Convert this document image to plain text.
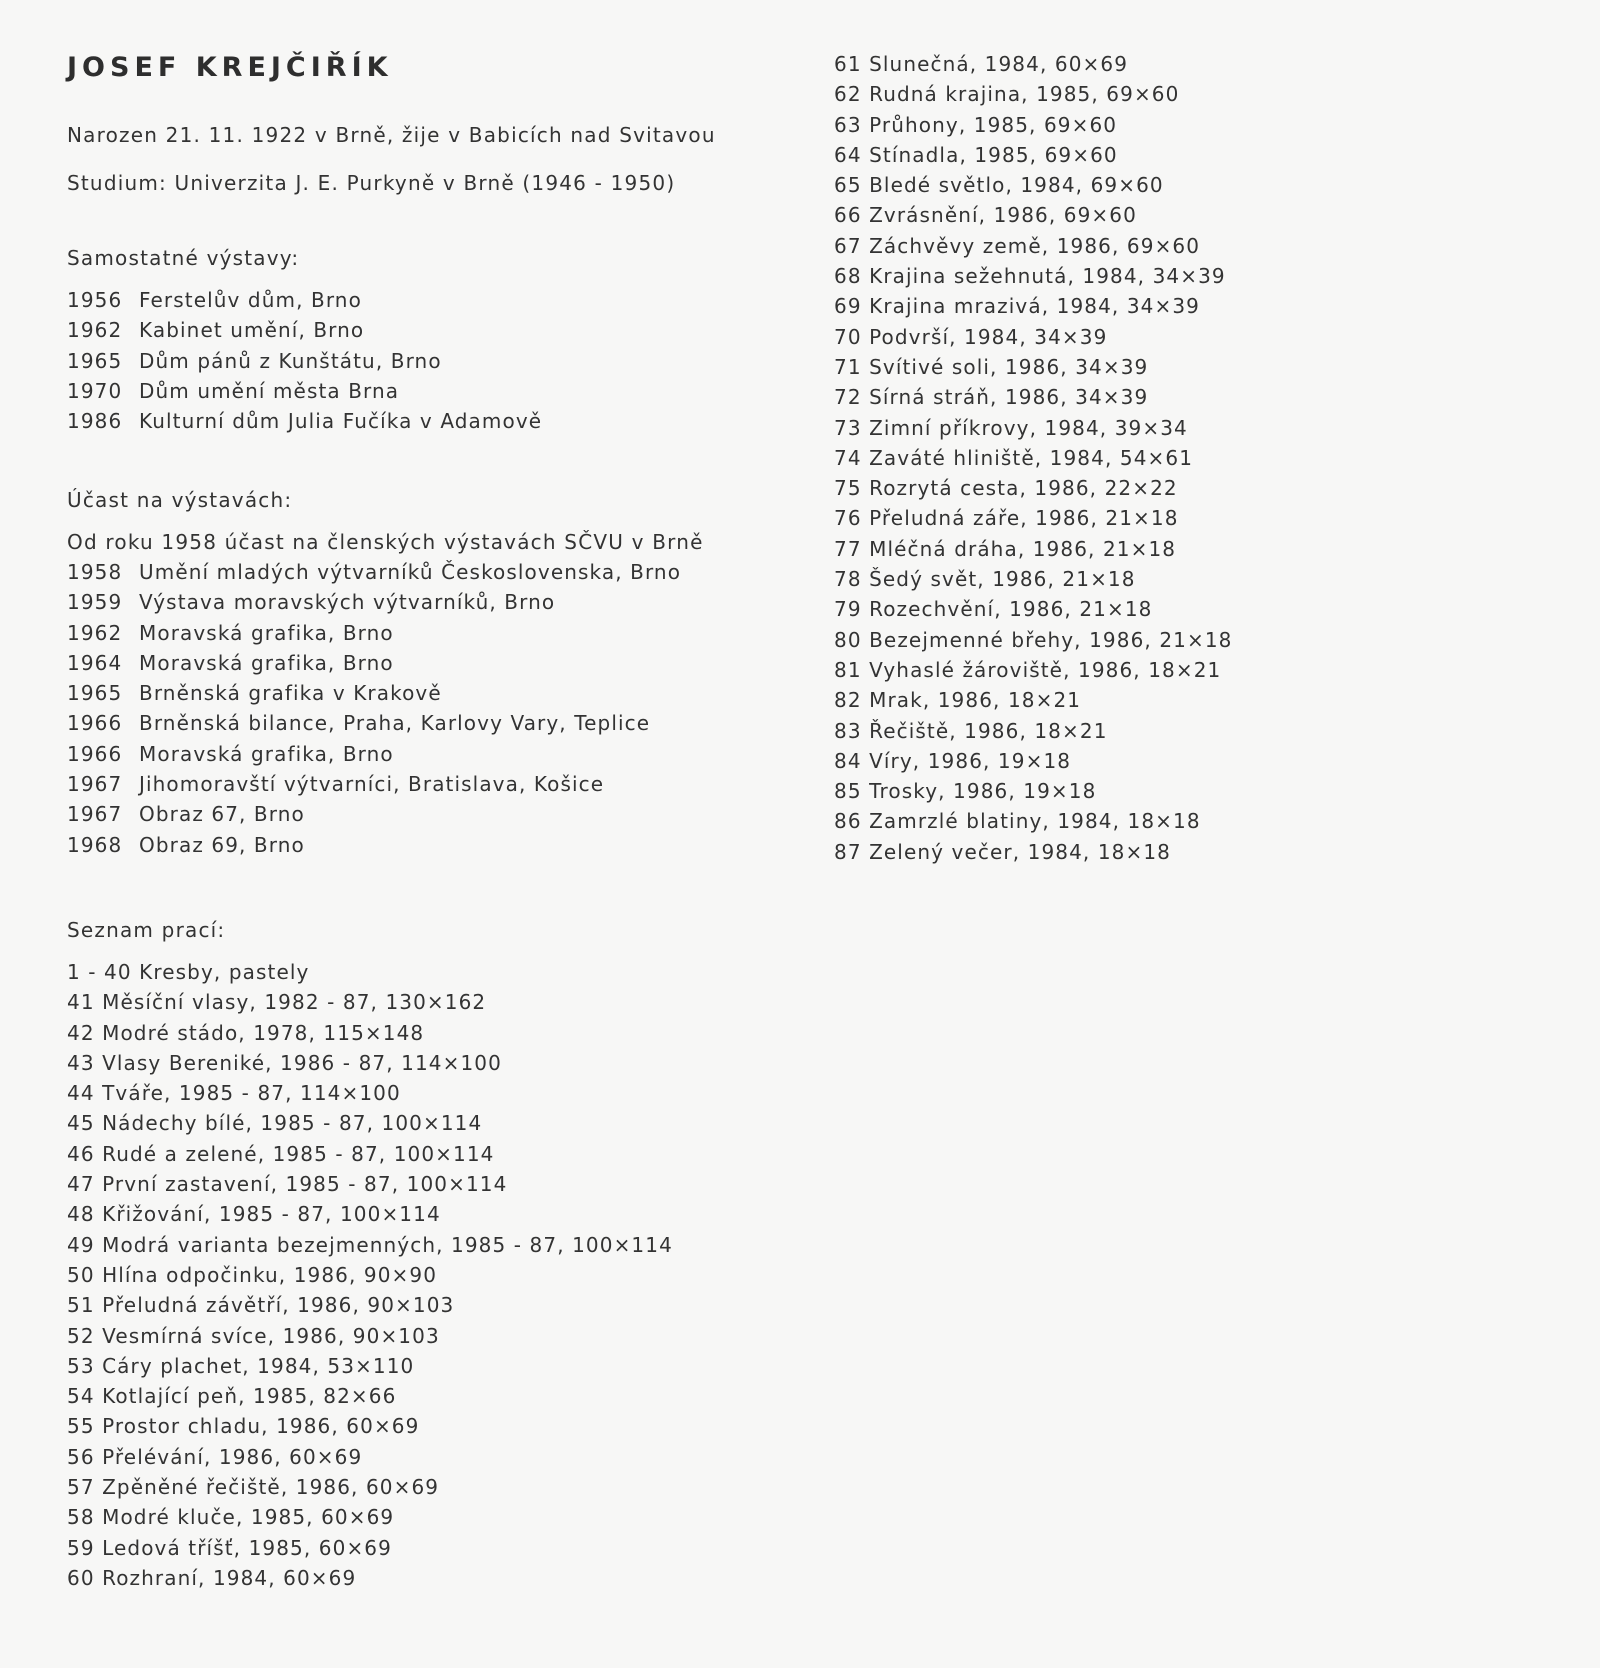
JOSEF KREJČIŘÍK

Narozen 21. 11. 1922 v Brně, žije v Babicích nad Svitavou

Studium: Univerzita J. E. Purkyně v Brně (1946 - 1950)

Samostatné výstavy:

1956 Ferstelův dům, Brno
1962 Kabinet umění, Brno
1965 Dům pánů z Kunštátu, Brno
1970 Dům umění města Brna
1986 Kulturní dům Julia Fučíka v Adamově

Účast na výstavách:

Od roku 1958 účast na členských výstavách SČVU v Brně

1958 Umění mladých výtvarníků Československa, Brno
1959 Výstava moravských výtvarníků, Brno
1962 Moravská grafika, Brno
1964 Moravská grafika, Brno
1965 Brněnská grafika v Krakově
1966 Brněnská bilance, Praha, Karlovy Vary, Teplice
1966 Moravská grafika, Brno
1967 Jihomoravští výtvarníci, Bratislava, Košice
1967 Obraz 67, Brno
1968 Obraz 69, Brno

Seznam prací:

1 - 40 Kresby, pastely
41 Měsíční vlasy, 1982 - 87, 130×162
42 Modré stádo, 1978, 115×148
43 Vlasy Bereniké, 1986 - 87, 114×100
44 Tváře, 1985 - 87, 114×100
45 Nádechy bílé, 1985 - 87, 100×114
46 Rudé a zelené, 1985 - 87, 100×114
47 První zastavení, 1985 - 87, 100×114
48 Křižování, 1985 - 87, 100×114
49 Modrá varianta bezejmenných, 1985 - 87, 100×114
50 Hlína odpočinku, 1986, 90×90
51 Přeludná závětří, 1986, 90×103
52 Vesmírná svíce, 1986, 90×103
53 Cáry plachet, 1984, 53×110
54 Kotlající peň, 1985, 82×66
55 Prostor chladu, 1986, 60×69
56 Přelévání, 1986, 60×69
57 Zpěněné řečiště, 1986, 60×69
58 Modré kluče, 1985, 60×69
59 Ledová tříšť, 1985, 60×69
60 Rozhraní, 1984, 60×69
61 Slunečná, 1984, 60×69
62 Rudná krajina, 1985, 69×60
63 Průhony, 1985, 69×60
64 Stínadla, 1985, 69×60
65 Bledé světlo, 1984, 69×60
66 Zvrásnění, 1986, 69×60
67 Záchvěvy země, 1986, 69×60
68 Krajina sežehnutá, 1984, 34×39
69 Krajina mrazivá, 1984, 34×39
70 Podvrší, 1984, 34×39
71 Svítivé soli, 1986, 34×39
72 Sírná stráň, 1986, 34×39
73 Zimní příkrovy, 1984, 39×34
74 Zaváté hliniště, 1984, 54×61
75 Rozrytá cesta, 1986, 22×22
76 Přeludná záře, 1986, 21×18
77 Mléčná dráha, 1986, 21×18
78 Šedý svět, 1986, 21×18
79 Rozechvění, 1986, 21×18
80 Bezejmenné břehy, 1986, 21×18
81 Vyhaslé žároviště, 1986, 18×21
82 Mrak, 1986, 18×21
83 Řečiště, 1986, 18×21
84 Víry, 1986, 19×18
85 Trosky, 1986, 19×18
86 Zamrzlé blatiny, 1984, 18×18
87 Zelený večer, 1984, 18×18
